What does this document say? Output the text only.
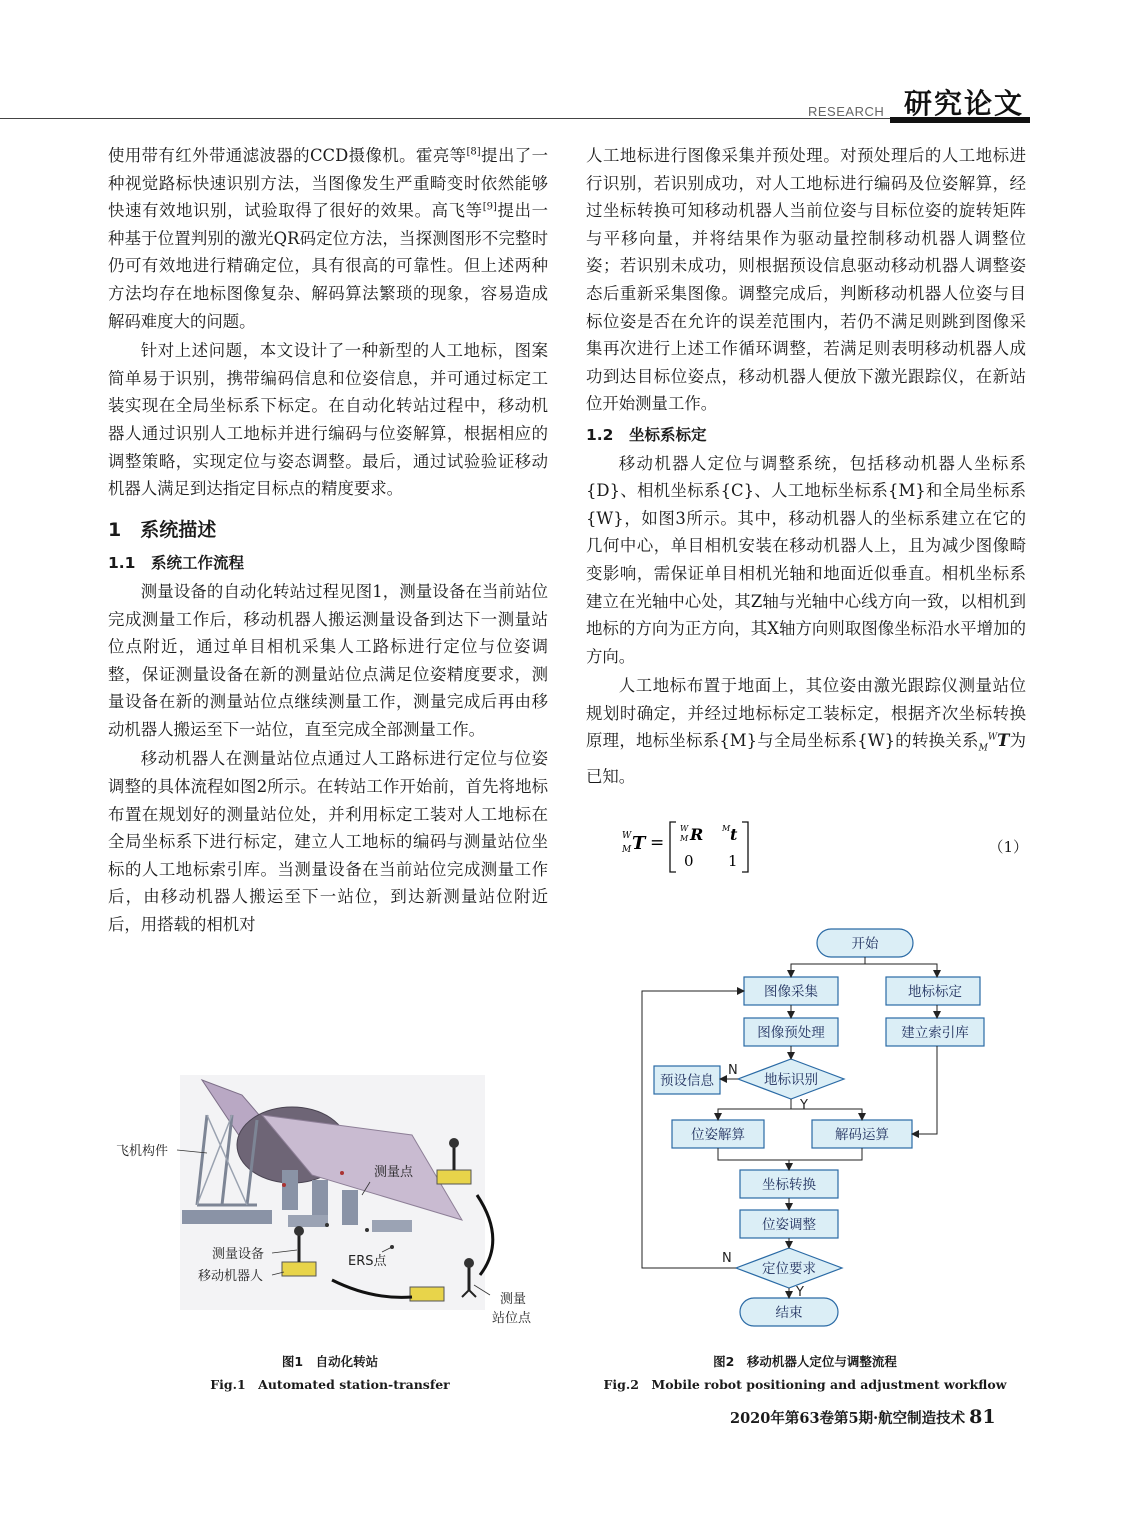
RESEARCH 研究论文

使用带有红外带通滤波器的CCD摄像机。霍亮等[8]提出了一种视觉路标快速识别方法，当图像发生严重畸变时依然能够快速有效地识别，试验取得了很好的效果。高飞等[9]提出一种基于位置判别的激光QR码定位方法，当探测图形不完整时仍可有效地进行精确定位，具有很高的可靠性。但上述两种方法均存在地标图像复杂、解码算法繁琐的现象，容易造成解码难度大的问题。

针对上述问题，本文设计了一种新型的人工地标，图案简单易于识别，携带编码信息和位姿信息，并可通过标定工装实现在全局坐标系下标定。在自动化转站过程中，移动机器人通过识别人工地标并进行编码与位姿解算，根据相应的调整策略，实现定位与姿态调整。最后，通过试验验证移动机器人满足到达指定目标点的精度要求。

1　系统描述
1.1　系统工作流程

测量设备的自动化转站过程见图1，测量设备在当前站位完成测量工作后，移动机器人搬运测量设备到达下一测量站位点附近，通过单目相机采集人工路标进行定位与位姿调整，保证测量设备在新的测量站位点满足位姿精度要求，测量设备在新的测量站位点继续测量工作，测量完成后再由移动机器人搬运至下一站位，直至完成全部测量工作。

移动机器人在测量站位点通过人工路标进行定位与位姿调整的具体流程如图2所示。在转站工作开始前，首先将地标布置在规划好的测量站位处，并利用标定工装对人工地标在全局坐标系下进行标定，建立人工地标的编码与测量站位坐标的人工地标索引库。当测量设备在当前站位完成测量工作后，由移动机器人搬运至下一站位，到达新测量站位附近后，用搭载的相机对

人工地标进行图像采集并预处理。对预处理后的人工地标进行识别，若识别成功，对人工地标进行编码及位姿解算，经过坐标转换可知移动机器人当前位姿与目标位姿的旋转矩阵与平移向量，并将结果作为驱动量控制移动机器人调整位姿；若识别未成功，则根据预设信息驱动移动机器人调整姿态后重新采集图像。调整完成后，判断移动机器人位姿与目标位姿是否在允许的误差范围内，若仍不满足则跳到图像采集再次进行上述工作循环调整，若满足则表明移动机器人成功到达目标位姿点，移动机器人便放下激光跟踪仪，在新站位开始测量工作。

1.2　坐标系标定

移动机器人定位与调整系统，包括移动机器人坐标系{D}、相机坐标系{C}、人工地标坐标系{M}和全局坐标系{W}，如图3所示。其中，移动机器人的坐标系建立在它的几何中心，单目相机安装在移动机器人上，且为减少图像畸变影响，需保证单目相机光轴和地面近似垂直。相机坐标系建立在光轴中心处，其Z轴与光轴中心线方向一致，以相机到地标的方向为正方向，其X轴方向则取图像坐标沿水平增加的方向。

人工地标布置于地面上，其位姿由激光跟踪仪测量站位规划时确定，并经过地标标定工装标定，根据齐次坐标转换原理，地标坐标系{M}与全局坐标系{W}的转换关系$_M^W$T为已知。

W
M T =
W
M R M t
0 1
（1）
飞机构件
测量点
测量设备
移动机器人
ERS点
测量
站位点
开始
图像采集	地标标定
图像预处理	建立索引库
预设信息	地标识别
位姿解算	解码运算
坐标转换
位姿调整
定位要求
结束
N
Y
N
Y
图1　自动化转站
Fig.1　Automated station-transfer
图2　移动机器人定位与调整流程
Fig.2　Mobile robot positioning and adjustment workflow
2020年第63卷第5期·航空制造技术 81
